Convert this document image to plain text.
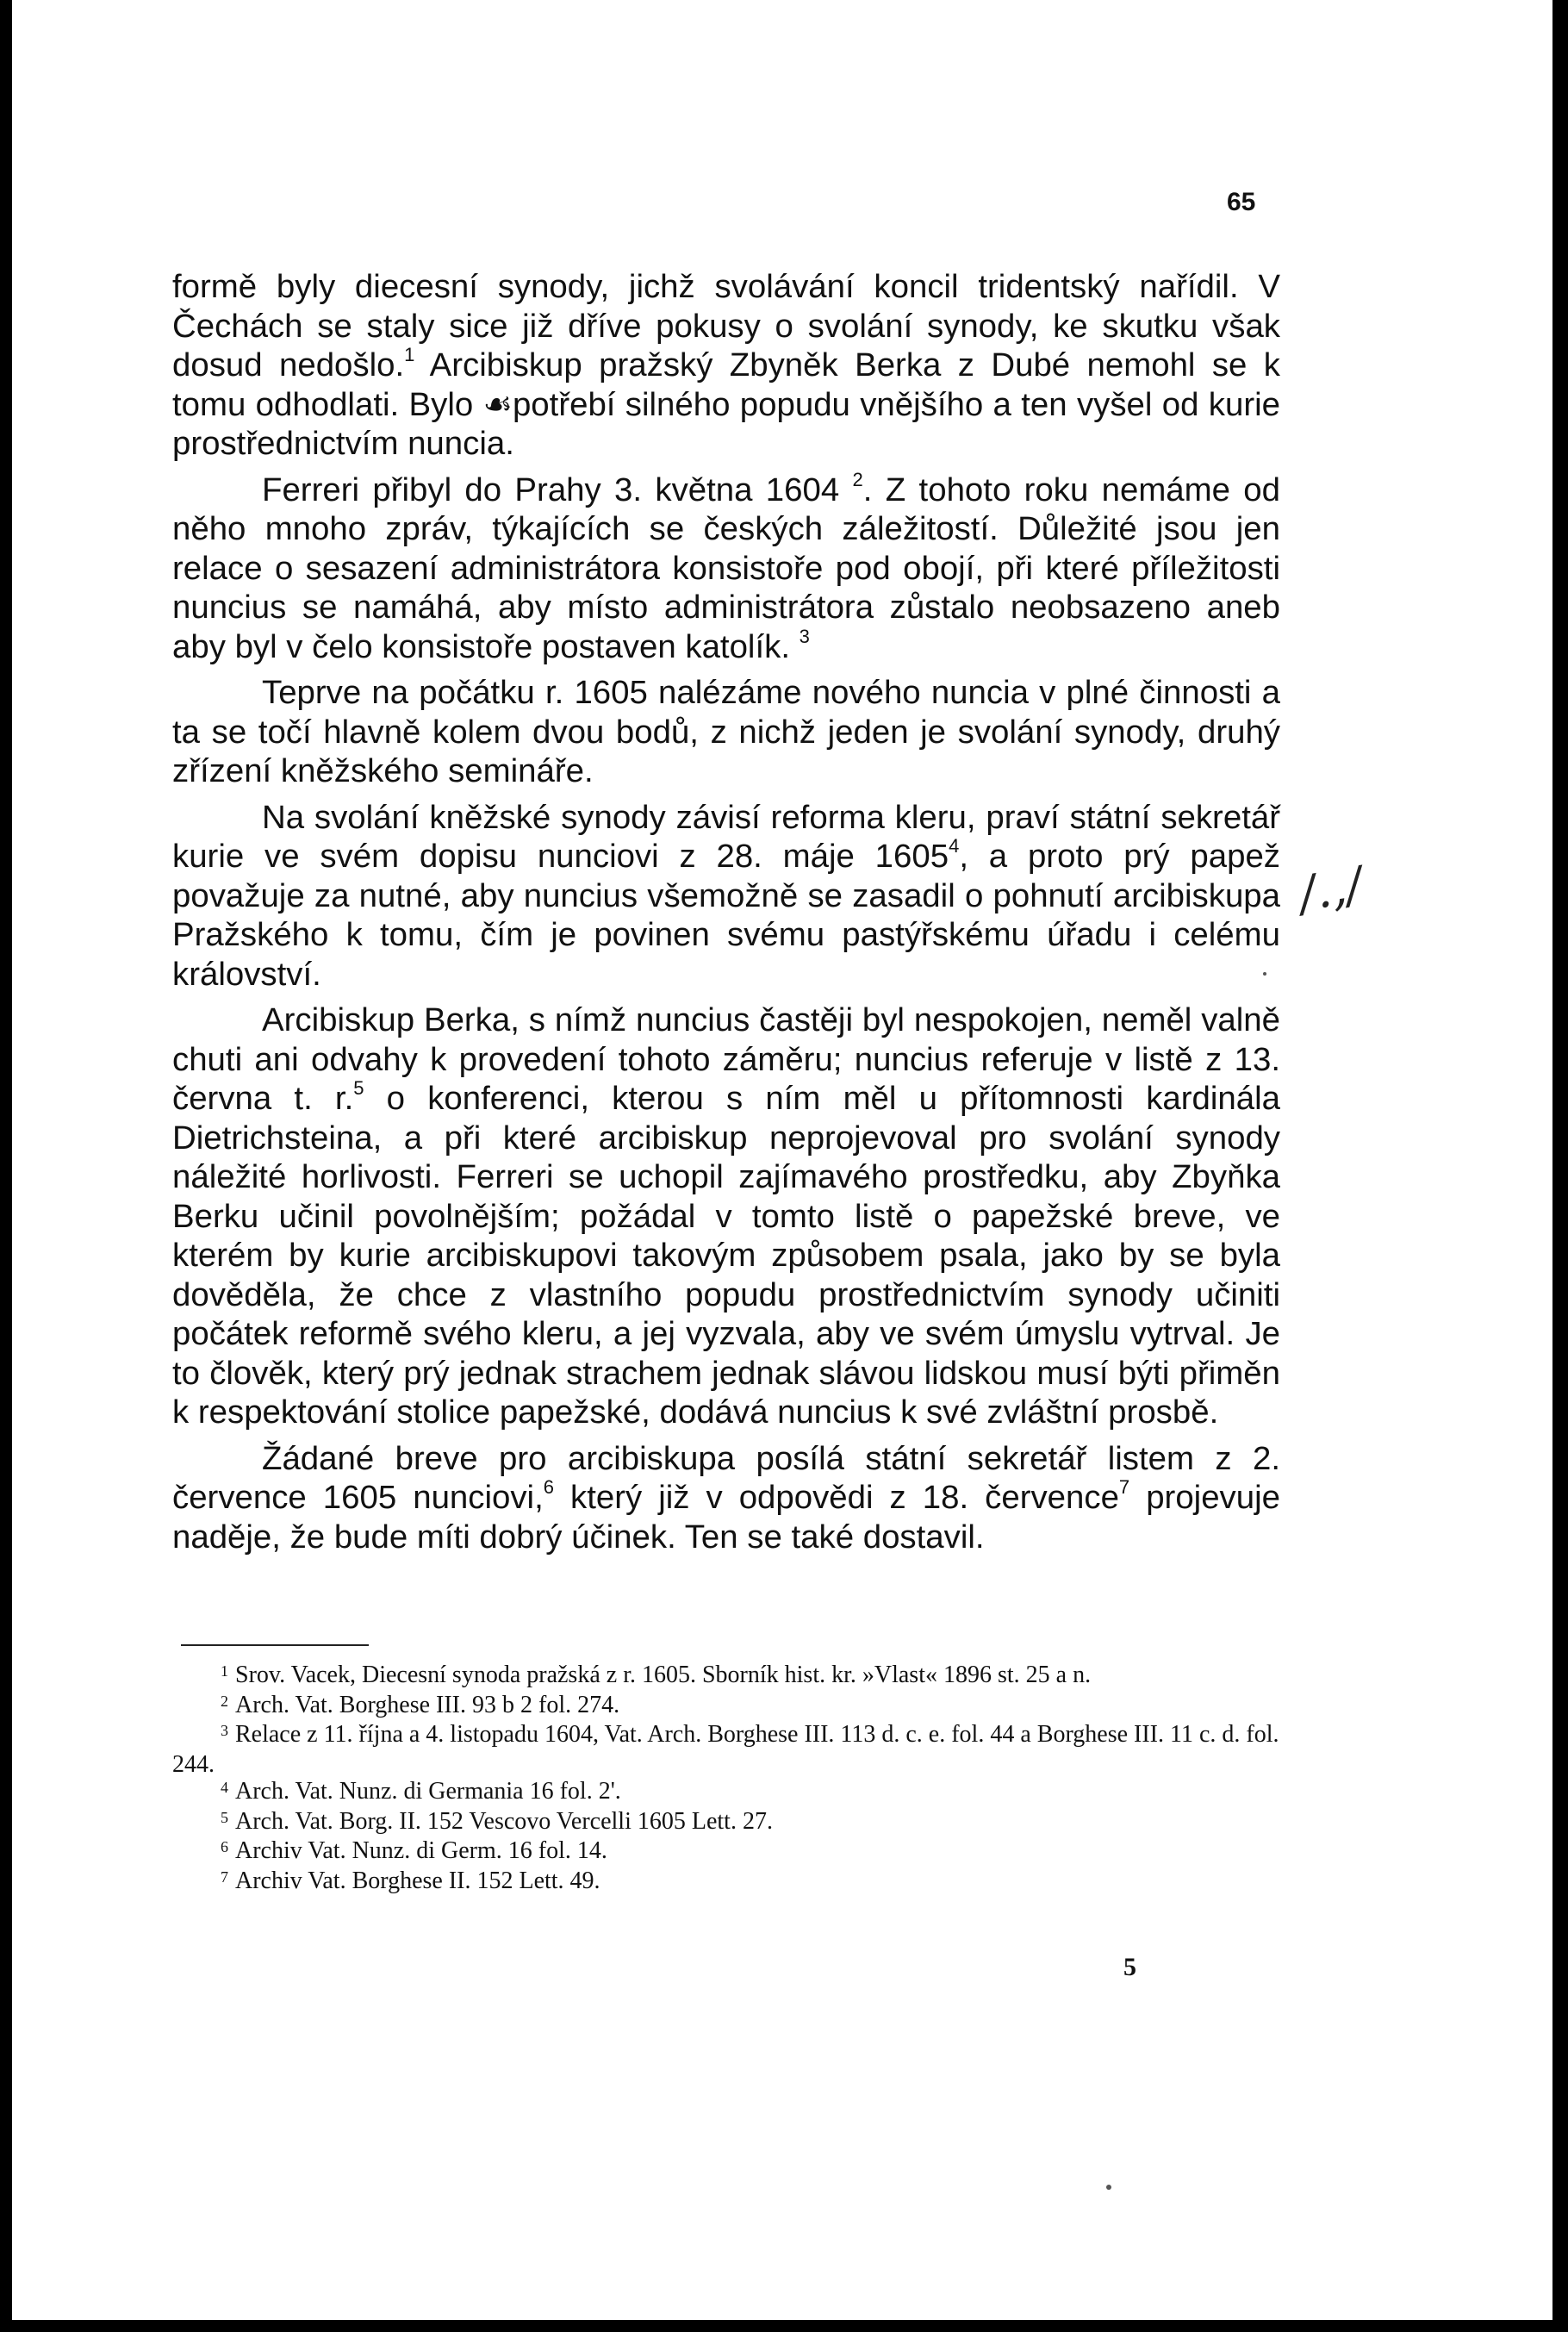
65

formě byly diecesní synody, jichž svolávání koncil tridentský nařídil. V Čechách se staly sice již dříve pokusy o svolání synody, ke skutku však dosud nedošlo.$^1$ Arcibiskup pražský Zbyněk Berka z Dubé nemohl se k tomu odhodlati. Bylo ☙potřebí silného popudu vnějšího a ten vyšel od kurie prostřednictvím nuncia.

Ferreri přibyl do Prahy 3. května 1604 $^2$. Z tohoto roku nemáme od něho mnoho zpráv, týkajících se českých záležitostí. Důležité jsou jen relace o sesazení administrátora konsistoře pod obojí, při které příležitosti nuncius se namáhá, aby místo administrátora zůstalo neobsazeno aneb aby byl v čelo konsistoře postaven katolík. $^3$

Teprve na počátku r. 1605 nalézáme nového nuncia v plné činnosti a ta se točí hlavně kolem dvou bodů, z nichž jeden je svolání synody, druhý zřízení kněžského semináře.

Na svolání kněžské synody závisí reforma kleru, praví státní sekretář kurie ve svém dopisu nunciovi z 28. máje 1605$^4$, a proto prý papež považuje za nutné, aby nuncius všemožně se zasadil o pohnutí arcibiskupa Pražského k tomu, čím je povinen svému pastýřskému úřadu i celému království.

Arcibiskup Berka, s nímž nuncius častěji byl nespokojen, neměl valně chuti ani odvahy k provedení tohoto záměru; nuncius referuje v listě z 13. června t. r.$^5$ o konferenci, kterou s ním měl u přítomnosti kardinála Dietrichsteina, a při které arcibiskup neprojevoval pro svolání synody náležité horlivosti. Ferreri se uchopil zajímavého prostředku, aby Zbyňka Berku učinil povolnějším; požádal v tomto listě o papežské breve, ve kterém by kurie arcibiskupovi takovým způsobem psala, jako by se byla dověděla, že chce z vlastního popudu prostřednictvím synody učiniti počátek reformě svého kleru, a jej vyzvala, aby ve svém úmyslu vytrval. Je to člověk, který prý jednak strachem jednak slávou lidskou musí býti přiměn k respektování stolice papežské, dodává nuncius k své zvláštní prosbě.

Žádané breve pro arcibiskupa posílá státní sekretář listem z 2. července 1605 nunciovi,$^6$ který již v odpovědi z 18. července$^7$ projevuje naděje, že bude míti dobrý účinek. Ten se také dostavil.

$^1$ Srov. Vacek, Diecesní synoda pražská z r. 1605. Sborník hist. kr. »Vlast« 1896 st. 25 a n.

$^2$ Arch. Vat. Borghese III. 93 b 2 fol. 274.

$^3$ Relace z 11. října a 4. listopadu 1604, Vat. Arch. Borghese III. 113 d. c. e. fol. 44 a Borghese III. 11 c. d. fol. 244.

$^4$ Arch. Vat. Nunz. di Germania 16 fol. 2'.

$^5$ Arch. Vat. Borg. II. 152 Vescovo Vercelli 1605 Lett. 27.

$^6$ Archiv Vat. Nunz. di Germ. 16 fol. 14.

$^7$ Archiv Vat. Borghese II. 152 Lett. 49.

5
/.,/
